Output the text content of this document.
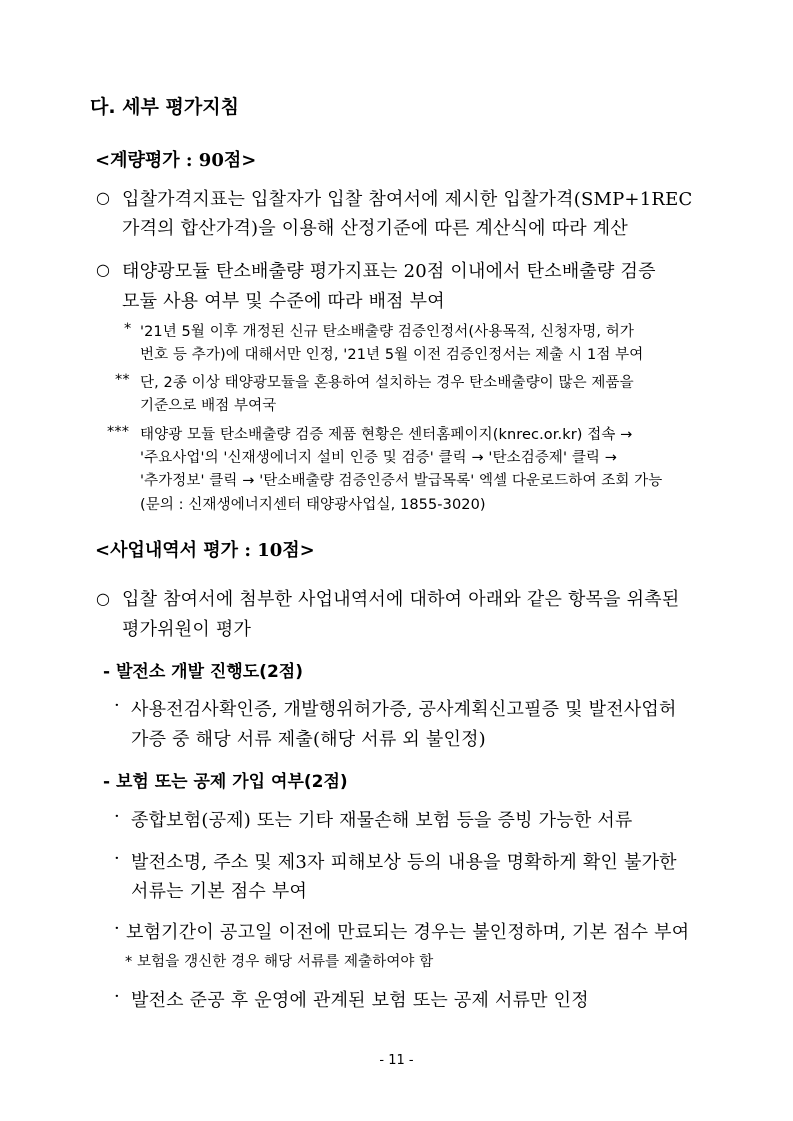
다. 세부 평가지침
<계량평가 : 90점>
○ 입찰가격지표는 입찰자가 입찰 참여서에 제시한 입찰가격(SMP+1REC
가격의 합산가격)을 이용해 산정기준에 따른 계산식에 따라 계산
○ 태양광모듈 탄소배출량 평가지표는 20점 이내에서 탄소배출량 검증
모듈 사용 여부 및 수준에 따라 배점 부여
* '21년 5월 이후 개정된 신규 탄소배출량 검증인정서(사용목적, 신청자명, 허가
번호 등 추가)에 대해서만 인정, '21년 5월 이전 검증인정서는 제출 시 1점 부여
** 단, 2종 이상 태양광모듈을 혼용하여 설치하는 경우 탄소배출량이 많은 제품을
기준으로 배점 부여국
*** 태양광 모듈 탄소배출량 검증 제품 현황은 센터홈페이지(knrec.or.kr) 접속 →
'주요사업'의 '신재생에너지 설비 인증 및 검증' 클릭 → '탄소검증제' 클릭 →
'추가정보' 클릭 → '탄소배출량 검증인증서 발급목록' 엑셀 다운로드하여 조회 가능
(문의 : 신재생에너지센터 태양광사업실, 1855-3020)
<사업내역서 평가 : 10점>
○ 입찰 참여서에 첨부한 사업내역서에 대하여 아래와 같은 항목을 위촉된
평가위원이 평가
- 발전소 개발 진행도(2점)
· 사용전검사확인증, 개발행위허가증, 공사계획신고필증 및 발전사업허
가증 중 해당 서류 제출(해당 서류 외 불인정)
- 보험 또는 공제 가입 여부(2점)
· 종합보험(공제) 또는 기타 재물손해 보험 등을 증빙 가능한 서류
· 발전소명, 주소 및 제3자 피해보상 등의 내용을 명확하게 확인 불가한
서류는 기본 점수 부여
· 보험기간이 공고일 이전에 만료되는 경우는 불인정하며, 기본 점수 부여
* 보험을 갱신한 경우 해당 서류를 제출하여야 함
· 발전소 준공 후 운영에 관계된 보험 또는 공제 서류만 인정
- 11 -
